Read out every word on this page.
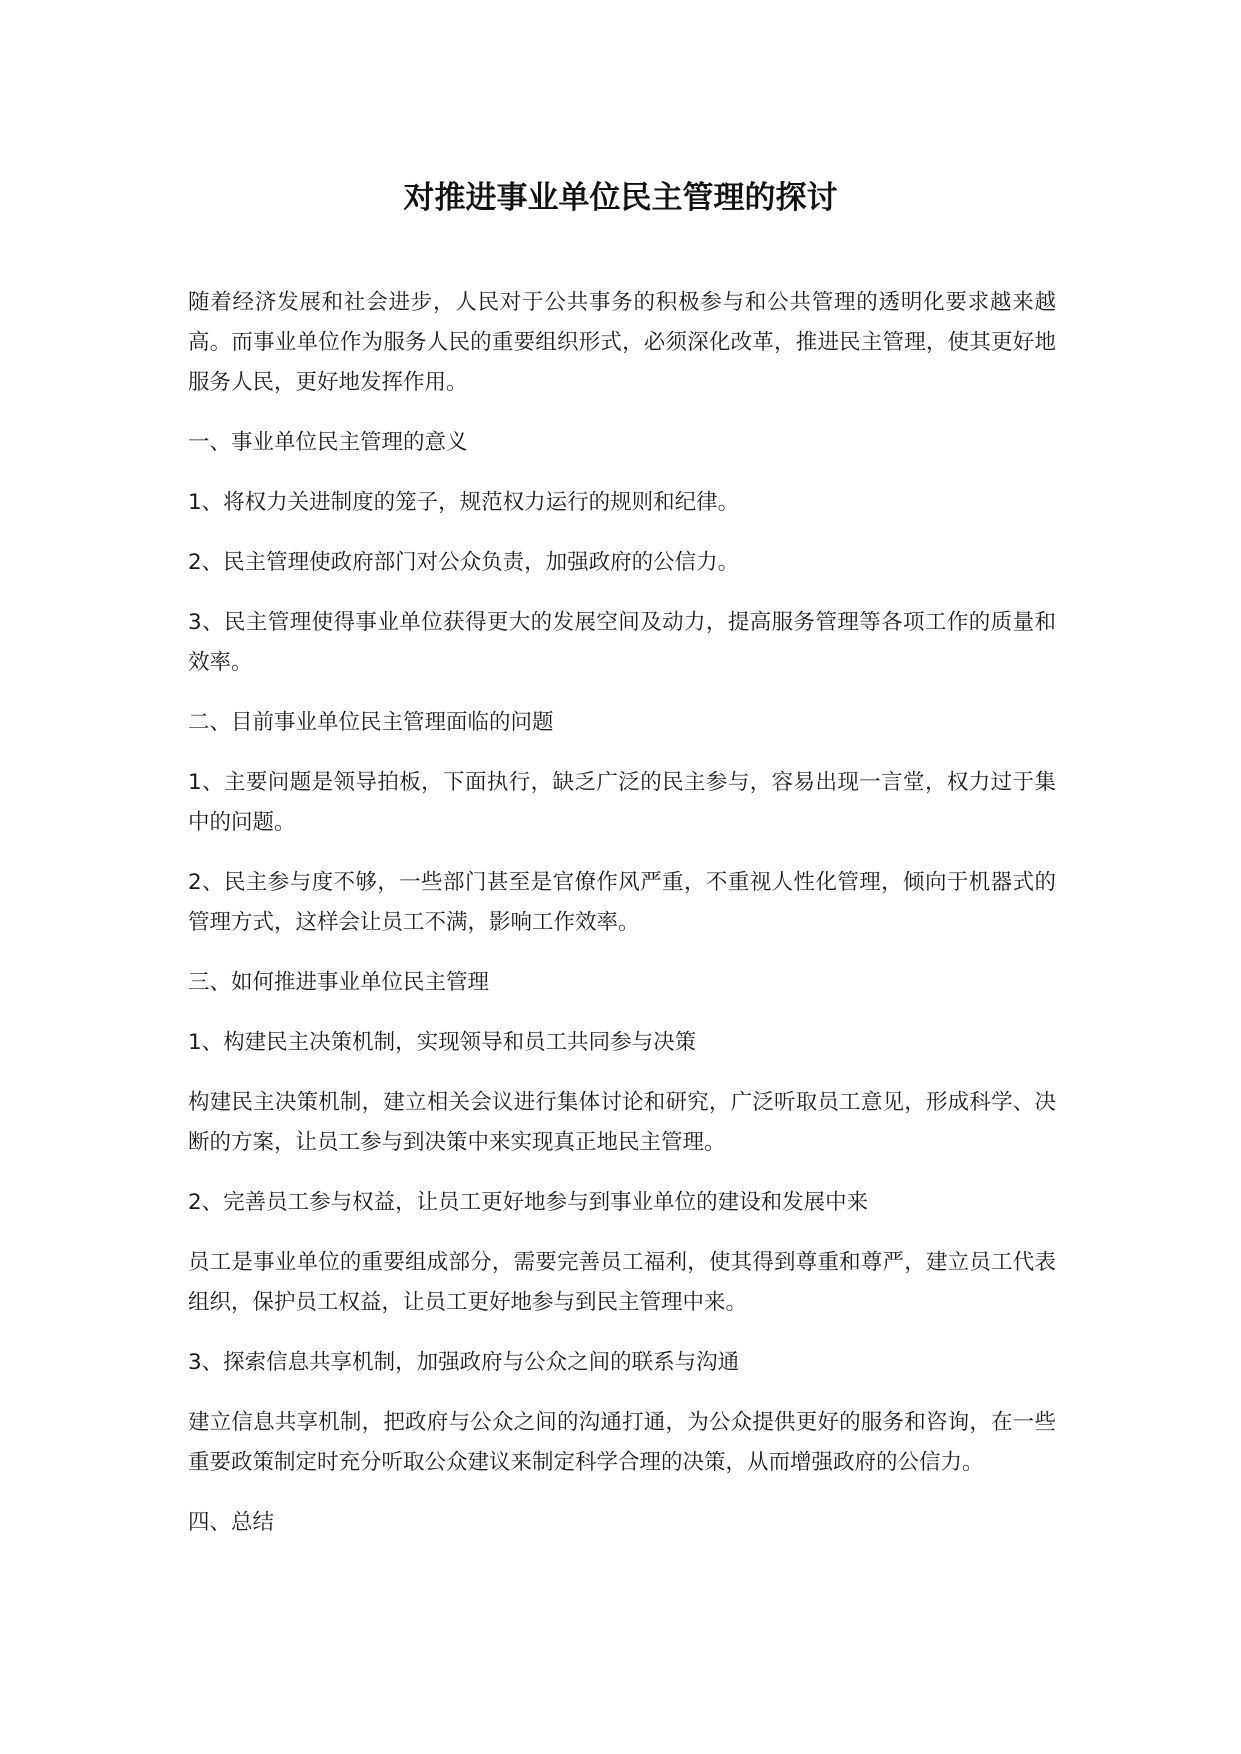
对推进事业单位民主管理的探讨

随着经济发展和社会进步，人民对于公共事务的积极参与和公共管理的透明化要求越来越高。而事业单位作为服务人民的重要组织形式，必须深化改革，推进民主管理，使其更好地服务人民，更好地发挥作用。

一、事业单位民主管理的意义

1、将权力关进制度的笼子，规范权力运行的规则和纪律。

2、民主管理使政府部门对公众负责，加强政府的公信力。

3、民主管理使得事业单位获得更大的发展空间及动力，提高服务管理等各项工作的质量和效率。

二、目前事业单位民主管理面临的问题

1、主要问题是领导拍板，下面执行，缺乏广泛的民主参与，容易出现一言堂，权力过于集中的问题。

2、民主参与度不够，一些部门甚至是官僚作风严重，不重视人性化管理，倾向于机器式的管理方式，这样会让员工不满，影响工作效率。

三、如何推进事业单位民主管理

1、构建民主决策机制，实现领导和员工共同参与决策

构建民主决策机制，建立相关会议进行集体讨论和研究，广泛听取员工意见，形成科学、决断的方案，让员工参与到决策中来实现真正地民主管理。

2、完善员工参与权益，让员工更好地参与到事业单位的建设和发展中来

员工是事业单位的重要组成部分，需要完善员工福利，使其得到尊重和尊严，建立员工代表组织，保护员工权益，让员工更好地参与到民主管理中来。

3、探索信息共享机制，加强政府与公众之间的联系与沟通

建立信息共享机制，把政府与公众之间的沟通打通，为公众提供更好的服务和咨询，在一些重要政策制定时充分听取公众建议来制定科学合理的决策，从而增强政府的公信力。

四、总结
